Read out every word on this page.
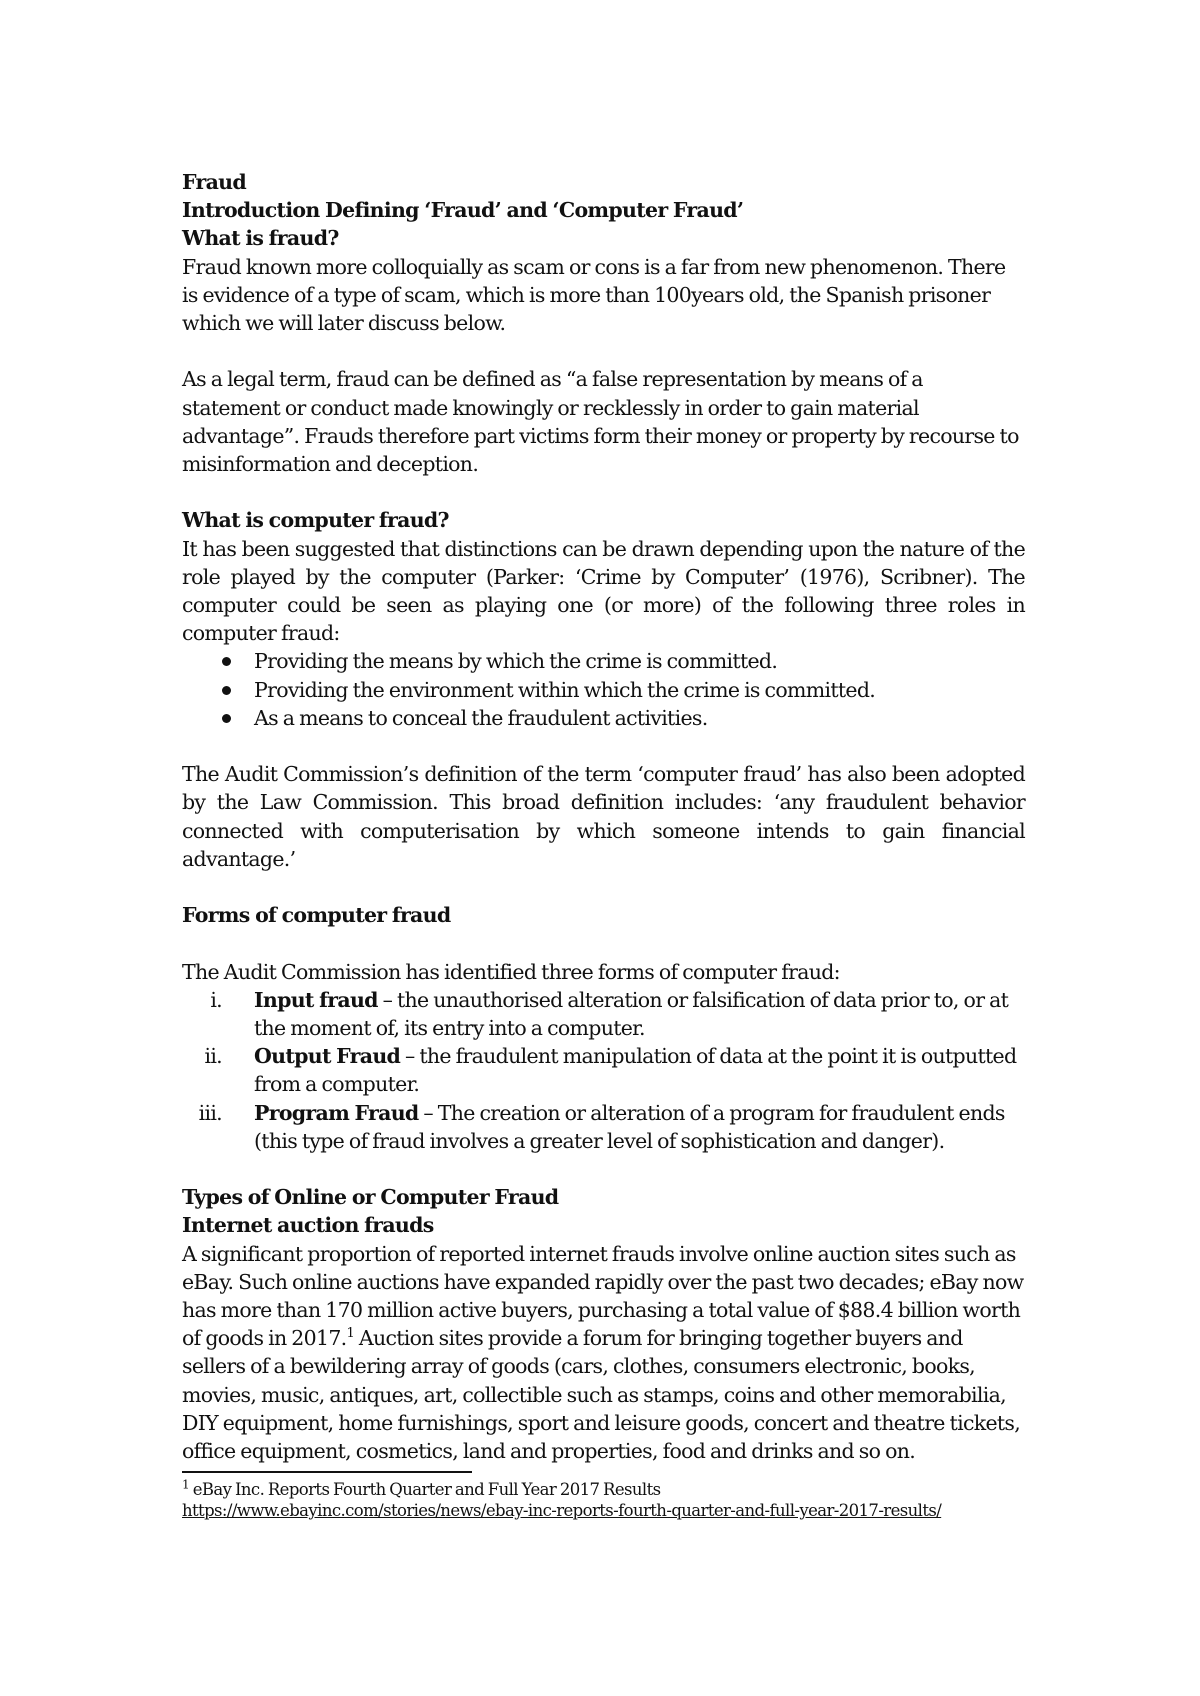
Fraud

Introduction Defining ‘Fraud’ and ‘Computer Fraud’

What is fraud?

Fraud known more colloquially as scam or cons is a far from new phenomenon. There is evidence of a type of scam, which is more than 100years old, the Spanish prisoner which we will later discuss below.

As a legal term, fraud can be defined as “a false representation by means of a statement or conduct made knowingly or recklessly in order to gain material advantage”. Frauds therefore part victims form their money or property by recourse to misinformation and deception.

What is computer fraud?

It has been suggested that distinctions can be drawn depending upon the nature of the role played by the computer (Parker: ‘Crime by Computer’ (1976), Scribner). The computer could be seen as playing one (or more) of the following three roles in computer fraud:

Providing the means by which the crime is committed.
Providing the environment within which the crime is committed.
As a means to conceal the fraudulent activities.

The Audit Commission’s definition of the term ‘computer fraud’ has also been adopted by the Law Commission. This broad definition includes: ‘any fraudulent behavior connected with computerisation by which someone intends to gain financial advantage.’

Forms of computer fraud

The Audit Commission has identified three forms of computer fraud:

i. Input fraud – the unauthorised alteration or falsification of data prior to, or at the moment of, its entry into a computer.
ii. Output Fraud – the fraudulent manipulation of data at the point it is outputted from a computer.
iii. Program Fraud – The creation or alteration of a program for fraudulent ends (this type of fraud involves a greater level of sophistication and danger).

Types of Online or Computer Fraud

Internet auction frauds

A significant proportion of reported internet frauds involve online auction sites such as eBay. Such online auctions have expanded rapidly over the past two decades; eBay now has more than 170 million active buyers, purchasing a total value of $88.4 billion worth of goods in 2017.$^1$ Auction sites provide a forum for bringing together buyers and sellers of a bewildering array of goods (cars, clothes, consumers electronic, books, movies, music, antiques, art, collectible such as stamps, coins and other memorabilia, DIY equipment, home furnishings, sport and leisure goods, concert and theatre tickets, office equipment, cosmetics, land and properties, food and drinks and so on.

$^1$ eBay Inc. Reports Fourth Quarter and Full Year 2017 Results
https://www.ebayinc.com/stories/news/ebay-inc-reports-fourth-quarter-and-full-year-2017-results/
